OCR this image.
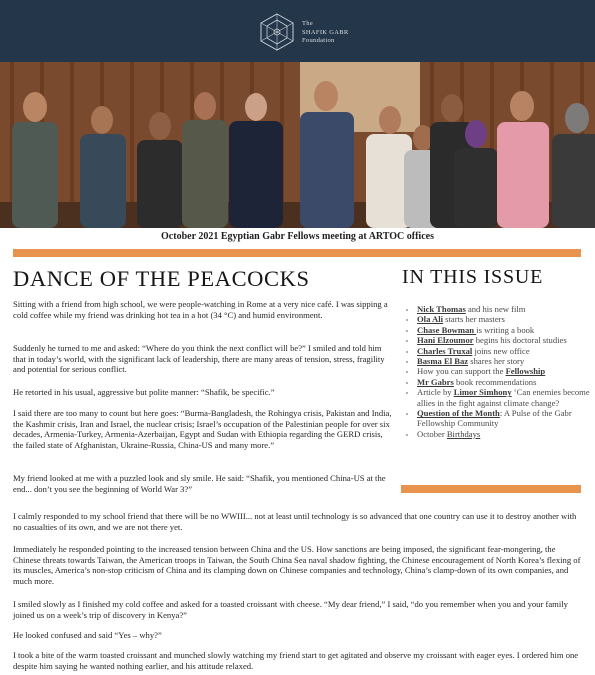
The
SHAFIK GABR
Foundation
October 2021 Egyptian Gabr Fellows meeting at ARTOC offices
DANCE OF THE PEACOCKS	IN THIS ISSUE

Sitting with a friend from high school, we were people-watching in Rome at a very nice café. I was sipping a cold coffee while my friend was drinking hot tea in a hot (34 °C) and humid environment.

Suddenly he turned to me and asked: “Where do you think the next conflict will be?” I smiled and told him that in today’s world, with the significant lack of leadership, there are many areas of tension, stress, fragility and potential for serious conflict.

He retorted in his usual, aggressive but polite manner: “Shafik, be specific.”

I said there are too many to count but here goes: “Burma-Bangladesh, the Rohingya crisis, Pakistan and India, the Kashmir crisis, Iran and Israel, the nuclear crisis; Israel’s occupation of the Palestinian people for over six decades, Armenia-Turkey, Armenia-Azerbaijan, Egypt and Sudan with Ethiopia regarding the GERD crisis, the failed state of Afghanistan, Ukraine-Russia, China-US and many more.”

My friend looked at me with a puzzled look and sly smile. He said: “Shafik, you mentioned China-US at the end... don’t you see the beginning of World War 3?”

I calmly responded to my school friend that there will be no WWIII... not at least until technology is so advanced that one country can use it to destroy another with no casualties of its own, and we are not there yet.

Immediately he responded pointing to the increased tension between China and the US. How sanctions are being imposed, the significant fear-mongering, the Chinese threats towards Taiwan, the American troops in Taiwan, the South China Sea naval shadow fighting, the Chinese encouragement of North Korea’s flexing of its muscles, America’s non-stop criticism of China and its clamping down on Chinese companies and technology, China’s clamp-down of its own companies, and much more.

I smiled slowly as I finished my cold coffee and asked for a toasted croissant with cheese. “My dear friend,” I said, “do you remember when you and your family joined us on a week’s trip of discovery in Kenya?”

He looked confused and said “Yes – why?”

I took a bite of the warm toasted croissant and munched slowly watching my friend start to get agitated and observe my croissant with eager eyes. I ordered him one despite him saying he wanted nothing earlier, and his attitude relaxed.

• Nick Thomas and his new film
• Ola Ali starts her masters
• Chase Bowman is writing a book
• Hani Elzoumor begins his doctoral studies
• Charles Truxal joins new office
• Basma El Baz shares her story
• How you can support the Fellowship
• Mr Gabrs book recommendations
• Article by Limor Simhony ‘Can enemies become allies in the fight against climate change?
• Question of the Month: A Pulse of the Gabr Fellowship Community
• October Birthdays
